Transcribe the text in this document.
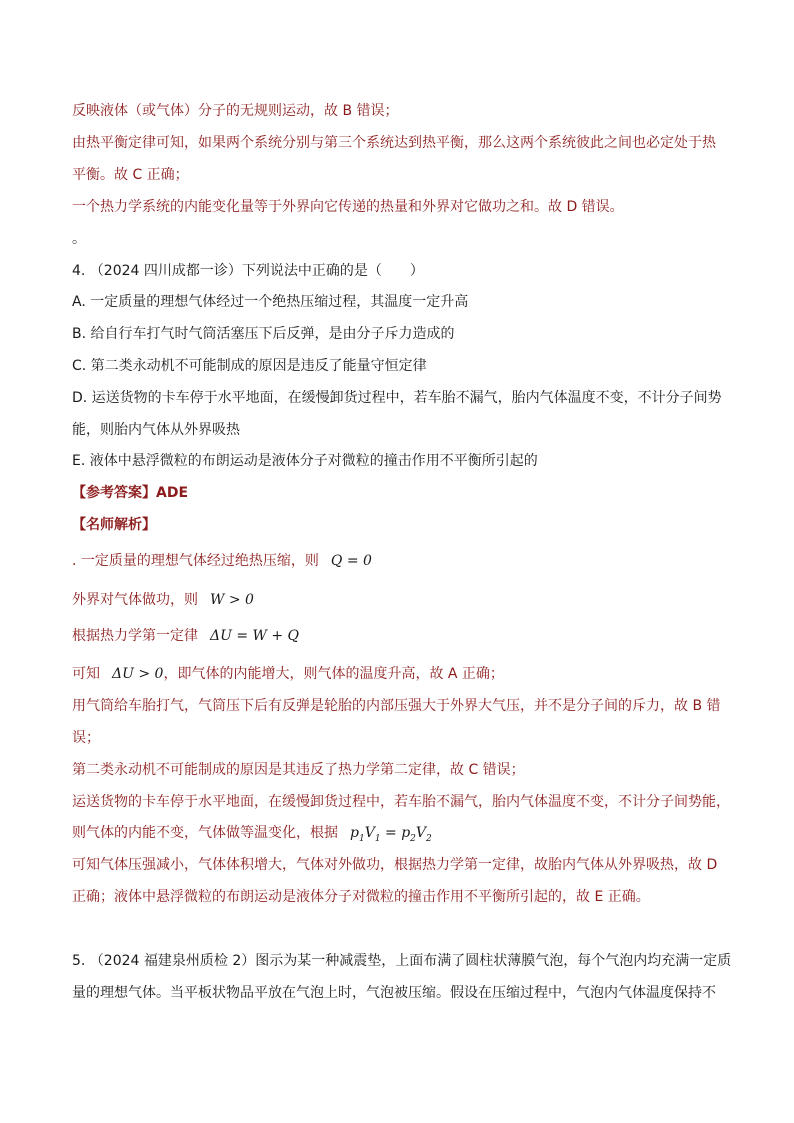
反映液体（或气体）分子的无规则运动，故 B 错误；
由热平衡定律可知，如果两个系统分别与第三个系统达到热平衡，那么这两个系统彼此之间也必定处于热
平衡。故 C 正确；
一个热力学系统的内能变化量等于外界向它传递的热量和外界对它做功之和。故 D 错误。
。
4. （2024 四川成都一诊）下列说法中正确的是（　　）
A. 一定质量的理想气体经过一个绝热压缩过程，其温度一定升高
B. 给自行车打气时气筒活塞压下后反弹，是由分子斥力造成的
C. 第二类永动机不可能制成的原因是违反了能量守恒定律
D. 运送货物的卡车停于水平地面，在缓慢卸货过程中，若车胎不漏气，胎内气体温度不变，不计分子间势
能，则胎内气体从外界吸热
E. 液体中悬浮微粒的布朗运动是液体分子对微粒的撞击作用不平衡所引起的
【参考答案】ADE
【名师解析】
. 一定质量的理想气体经过绝热压缩，则 Q = 0
外界对气体做功，则 W > 0
根据热力学第一定律 ΔU = W + Q
可知 ΔU > 0，即气体的内能增大，则气体的温度升高，故 A 正确；
用气筒给车胎打气，气筒压下后有反弹是轮胎的内部压强大于外界大气压，并不是分子间的斥力，故 B 错
误；
第二类永动机不可能制成的原因是其违反了热力学第二定律，故 C 错误；
运送货物的卡车停于水平地面，在缓慢卸货过程中，若车胎不漏气，胎内气体温度不变，不计分子间势能，
则气体的内能不变，气体做等温变化，根据 $p_1V_1 = p_2V_2$
可知气体压强减小，气体体积增大，气体对外做功，根据热力学第一定律，故胎内气体从外界吸热，故 D
正确；液体中悬浮微粒的布朗运动是液体分子对微粒的撞击作用不平衡所引起的，故 E 正确。
5. （2024 福建泉州质检 2）图示为某一种减震垫，上面布满了圆柱状薄膜气泡，每个气泡内均充满一定质
量的理想气体。当平板状物品平放在气泡上时，气泡被压缩。假设在压缩过程中，气泡内气体温度保持不
